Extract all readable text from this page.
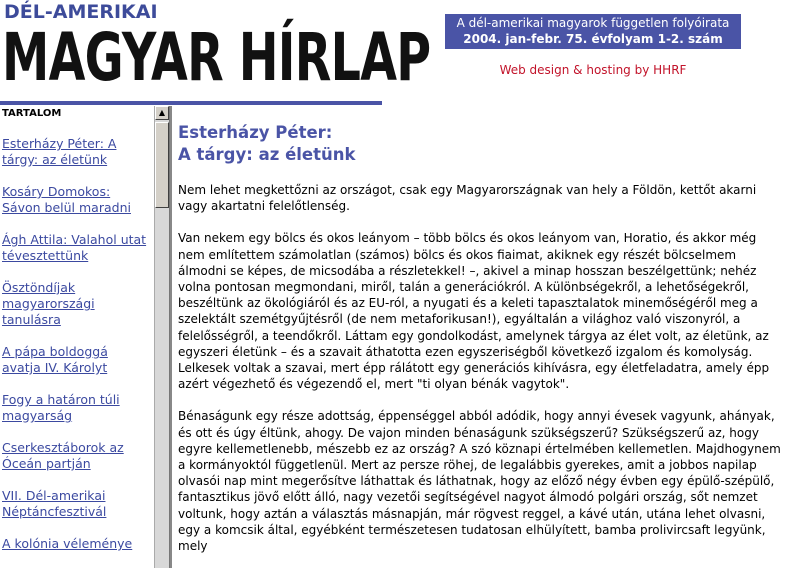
DÉL-AMERIKAI
MAGYAR HÍRLAP	A dél-amerikai magyarok független folyóirata
2004. jan-febr. 75. évfolyam 1-2. szám
Web design & hosting by HHRF
TARTALOM
Esterházy Péter: A tárgy: az életünk
Kosáry Domokos: Sávon belül maradni
Ágh Attila: Valahol utat tévesztettünk
Ösztöndíjak magyarországi tanulásra
A pápa boldoggá avatja IV. Károlyt
Fogy a határon túli magyarság
Cserkesztáborok az Óceán partján
VII. Dél-amerikai Néptáncfesztivál
A kolónia véleménye
▲
Esterházy Péter:
A tárgy: az életünk

Nem lehet megkettőzni az országot, csak egy Magyarországnak van hely a Földön, kettőt akarni vagy akartatni felelőtlenség.

Van nekem egy bölcs és okos leányom – több bölcs és okos leányom van, Horatio, és akkor még nem említettem számolatlan (számos) bölcs és okos fiaimat, akiknek egy részét bölcselmem álmodni se képes, de micsodába a részletekkel! –, akivel a minap hosszan beszélgettünk; nehéz volna pontosan megmondani, miről, talán a generációkról. A különbségekről, a lehetőségekről, beszéltünk az ökológiáról és az EU-ról, a nyugati és a keleti tapasztalatok minemőségéről meg a szelektált szemétgyűjtésről (de nem metaforikusan!), egyáltalán a világhoz való viszonyról, a felelősségről, a teendőkről. Láttam egy gondolkodást, amelynek tárgya az élet volt, az életünk, az egyszeri életünk – és a szavait áthatotta ezen egyszeriségből következő izgalom és komolyság. Lelkesek voltak a szavai, mert épp rálátott egy generációs kihívásra, egy életfeladatra, amely épp azért végezhető és végezendő el, mert "ti olyan bénák vagytok".

Bénaságunk egy része adottság, éppenséggel abból adódik, hogy annyi évesek vagyunk, ahányak, és ott és úgy éltünk, ahogy. De vajon minden bénaságunk szükségszerű? Szükségszerű az, hogy egyre kellemetlenebb, mészebb ez az ország? A szó köznapi értelmében kellemetlen. Majdhogynem a kormányoktól függetlenül. Mert az persze röhej, de legalábbis gyerekes, amit a jobbos napilap olvasói nap mint megerősítve láthattak és láthatnak, hogy az előző négy évben egy épülő-szépülő, fantasztikus jövő előtt álló, nagy vezetői segítségével nagyot álmodó polgári ország, sőt nemzet voltunk, hogy aztán a választás másnapján, már rögvest reggel, a kávé után, utána lehet olvasni, egy a komcsik által, egyébként természetesen tudatosan elhülyített, bamba prolivircsaft legyünk, mely
